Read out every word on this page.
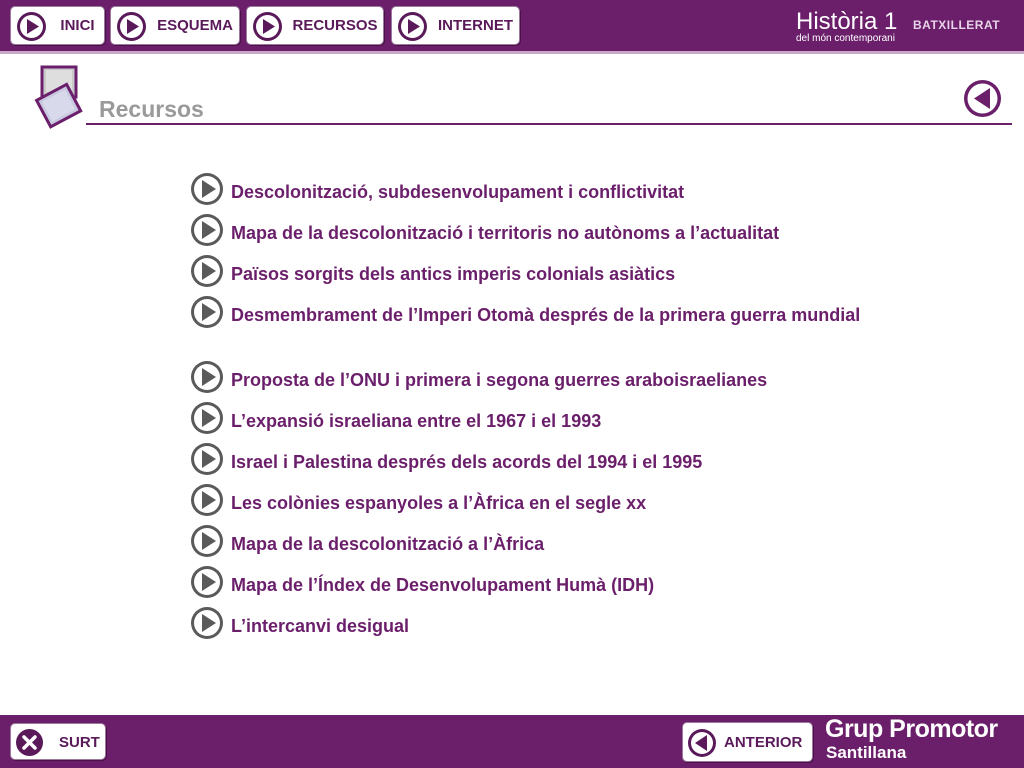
INICI	ESQUEMA	RECURSOS	INTERNET	Història 1 BATXILLERAT
del món contemporani
Recursos
Descolonització, subdesenvolupament i conflictivitat
Mapa de la descolonització i territoris no autònoms a l’actualitat
Països sorgits dels antics imperis colonials asiàtics
Desmembrament de l’Imperi Otomà després de la primera guerra mundial
Proposta de l’ONU i primera i segona guerres araboisraelianes
L’expansió israeliana entre el 1967 i el 1993
Israel i Palestina després dels acords del 1994 i el 1995
Les colònies espanyoles a l’Àfrica en el segle xx
Mapa de la descolonització a l’Àfrica
Mapa de l’Índex de Desenvolupament Humà (IDH)
L’intercanvi desigual
SURT	ANTERIOR Grup Promotor
Santillana
